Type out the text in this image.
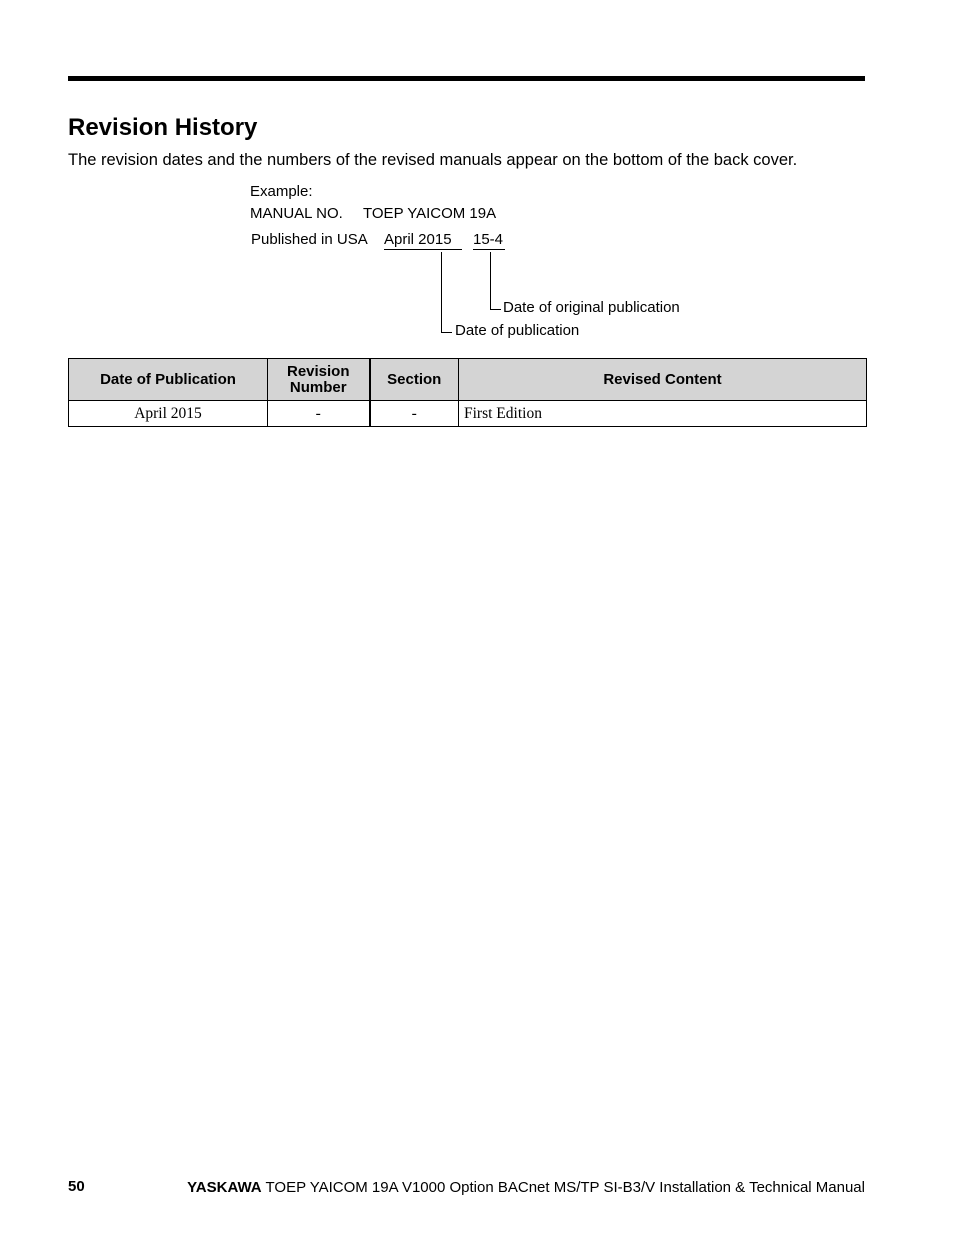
Revision History
The revision dates and the numbers of the revised manuals appear on the bottom of the back cover.
Example:
MANUAL NO. TOEP YAICOM 19A
Published in USA April 2015	15-4
Date of original publication
Date of publication
Date of Publication	Revision Number	Section	Revised Content
April 2015	-	-	First Edition
50	YASKAWA TOEP YAICOM 19A V1000 Option BACnet MS/TP SI-B3/V Installation & Technical Manual
